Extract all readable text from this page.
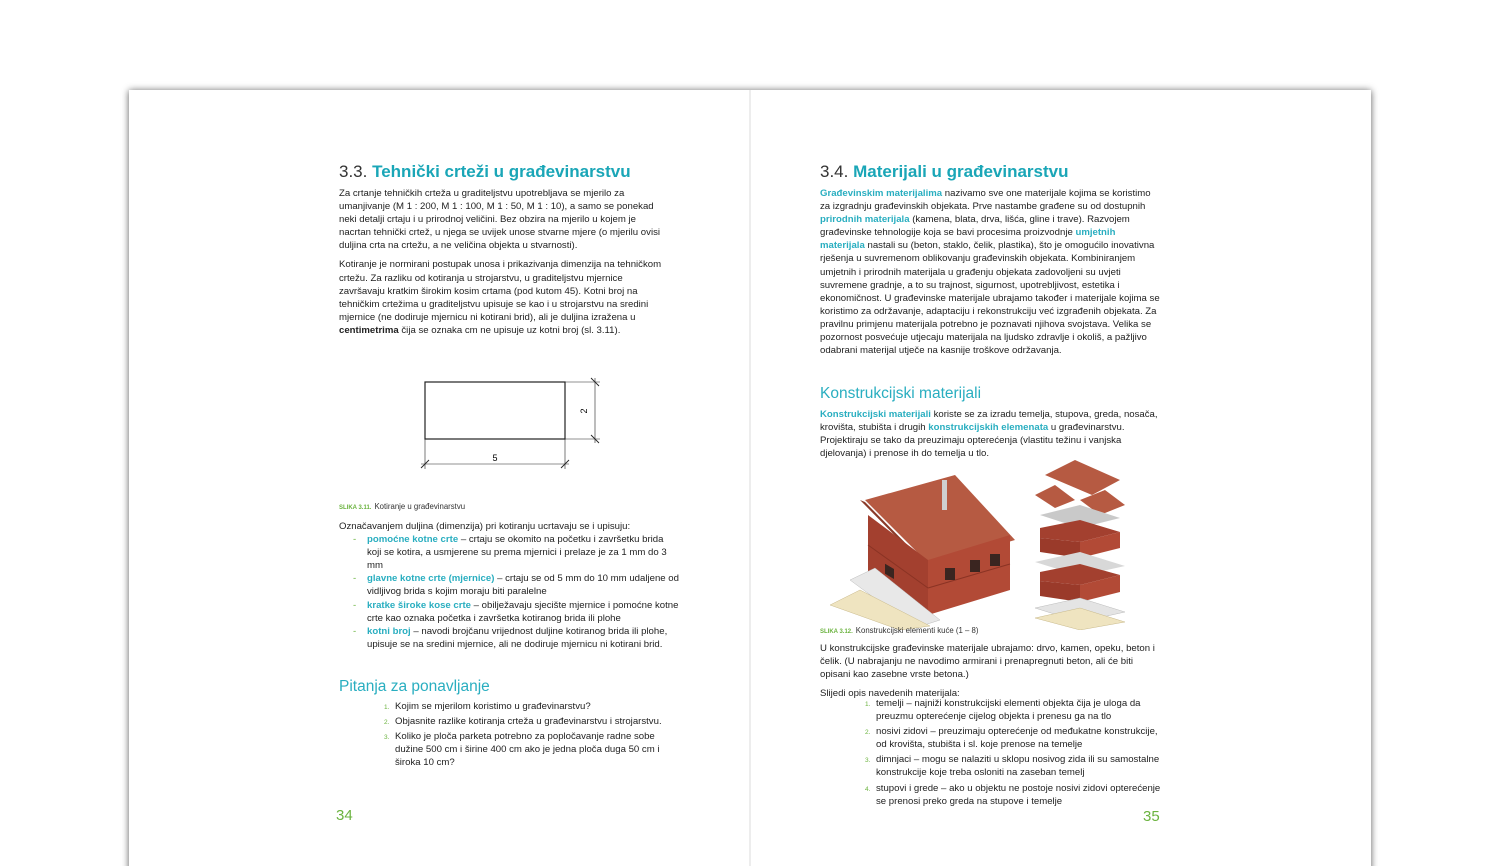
3.3. Tehnički crteži u građevinarstvu

Za crtanje tehničkih crteža u graditeljstvu upotrebljava se mjerilo za umanjivanje (M 1 : 200, M 1 : 100, M 1 : 50, M 1 : 10), a samo se ponekad neki detalji crtaju i u prirodnoj veličini. Bez obzira na mjerilo u kojem je nacrtan tehnički crtež, u njega se uvijek unose stvarne mjere (o mjerilu ovisi duljina crta na crtežu, a ne veličina objekta u stvarnosti).

Kotiranje je normirani postupak unosa i prikazivanja dimenzija na tehničkom crtežu. Za razliku od kotiranja u strojarstvu, u graditeljstvu mjernice završavaju kratkim širokim kosim crtama (pod kutom 45). Kotni broj na tehničkim crtežima u graditeljstvu upisuje se kao i u strojarstvu na sredini mjernice (ne dodiruje mjernicu ni kotirani brid), ali je duljina izražena u centimetrima čija se oznaka cm ne upisuje uz kotni broj (sl. 3.11).

5
2
SLIKA 3.11. Kotiranje u građevinarstvu
Označavanjem duljina (dimenzija) pri kotiranju ucrtavaju se i upisuju:
- pomoćne kotne crte – crtaju se okomito na početku i završetku brida koji se kotira, a usmjerene su prema mjernici i prelaze je za 1 mm do 3 mm
- glavne kotne crte (mjernice) – crtaju se od 5 mm do 10 mm udaljene od vidljivog brida s kojim moraju biti paralelne
- kratke široke kose crte – obilježavaju sjecište mjernice i pomoćne kotne crte kao oznaka početka i završetka kotiranog brida ili plohe
- kotni broj – navodi brojčanu vrijednost duljine kotiranog brida ili plohe, upisuje se na sredini mjernice, ali ne dodiruje mjernicu ni kotirani brid.
Pitanja za ponavljanje
1. Kojim se mjerilom koristimo u građevinarstvu?
2. Objasnite razlike kotiranja crteža u građevinarstvu i strojarstvu.
3. Koliko je ploča parketa potrebno za popločavanje radne sobe dužine 500 cm i širine 400 cm ako je jedna ploča duga 50 cm i široka 10 cm?
34
3.4. Materijali u građevinarstvu

Građevinskim materijalima nazivamo sve one materijale kojima se koristimo za izgradnju građevinskih objekata. Prve nastambe građene su od dostupnih prirodnih materijala (kamena, blata, drva, lišća, gline i trave). Razvojem građevinske tehnologije koja se bavi procesima proizvodnje umjetnih materijala nastali su (beton, staklo, čelik, plastika), što je omogućilo inovativna rješenja u suvremenom oblikovanju građevinskih objekata. Kombiniranjem umjetnih i prirodnih materijala u građenju objekata zadovoljeni su uvjeti suvremene gradnje, a to su trajnost, sigurnost, upotrebljivost, estetika i ekonomičnost. U građevinske materijale ubrajamo također i materijale kojima se koristimo za održavanje, adaptaciju i rekonstrukciju već izgrađenih objekata. Za pravilnu primjenu materijala potrebno je poznavati njihova svojstava. Velika se pozornost posvećuje utjecaju materijala na ljudsko zdravlje i okoliš, a pažljivo odabrani materijal utječe na kasnije troškove održavanja.

Konstrukcijski materijali

Konstrukcijski materijali koriste se za izradu temelja, stupova, greda, nosača, krovišta, stubišta i drugih konstrukcijskih elemenata u građevinarstvu. Projektiraju se tako da preuzimaju opterećenja (vlastitu težinu i vanjska djelovanja) i prenose ih do temelja u tlo.

SLIKA 3.12. Konstrukcijski elementi kuće (1 – 8)

U konstrukcijske građevinske materijale ubrajamo: drvo, kamen, opeku, beton i čelik. (U nabrajanju ne navodimo armirani i prenapregnuti beton, ali će biti opisani kao zasebne vrste betona.)

Slijedi opis navedenih materijala:
1. temelji – najniži konstrukcijski elementi objekta čija je uloga da preuzmu opterećenje cijelog objekta i prenesu ga na tlo
2. nosivi zidovi – preuzimaju opterećenje od međukatne konstrukcije, od krovišta, stubišta i sl. koje prenose na temelje
3. dimnjaci – mogu se nalaziti u sklopu nosivog zida ili su samostalne konstrukcije koje treba osloniti na zaseban temelj
4. stupovi i grede – ako u objektu ne postoje nosivi zidovi opterećenje se prenosi preko greda na stupove i temelje
35
